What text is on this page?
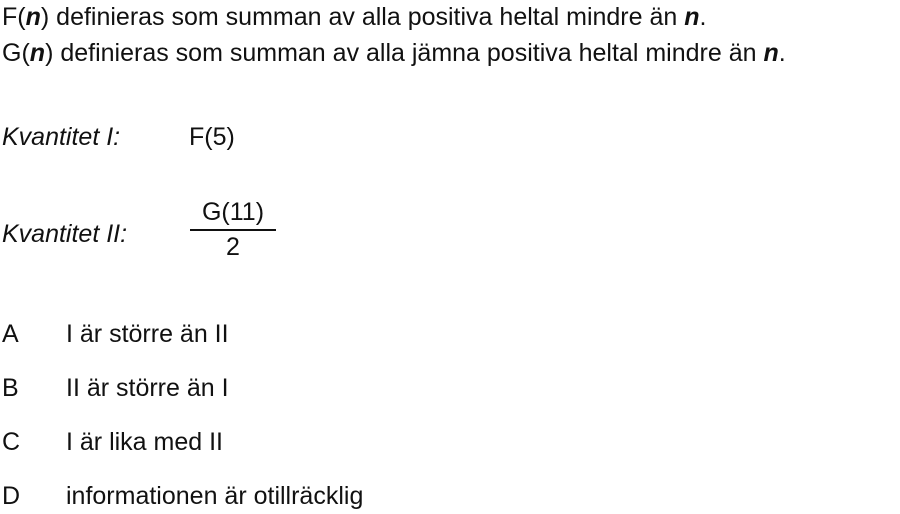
F(n) definieras som summan av alla positiva heltal mindre än n.
G(n) definieras som summan av alla jämna positiva heltal mindre än n.
Kvantitet I:	F(5)
Kvantitet II:
G(11)
2
A I är större än II
B II är större än I
C I är lika med II
D informationen är otillräcklig
